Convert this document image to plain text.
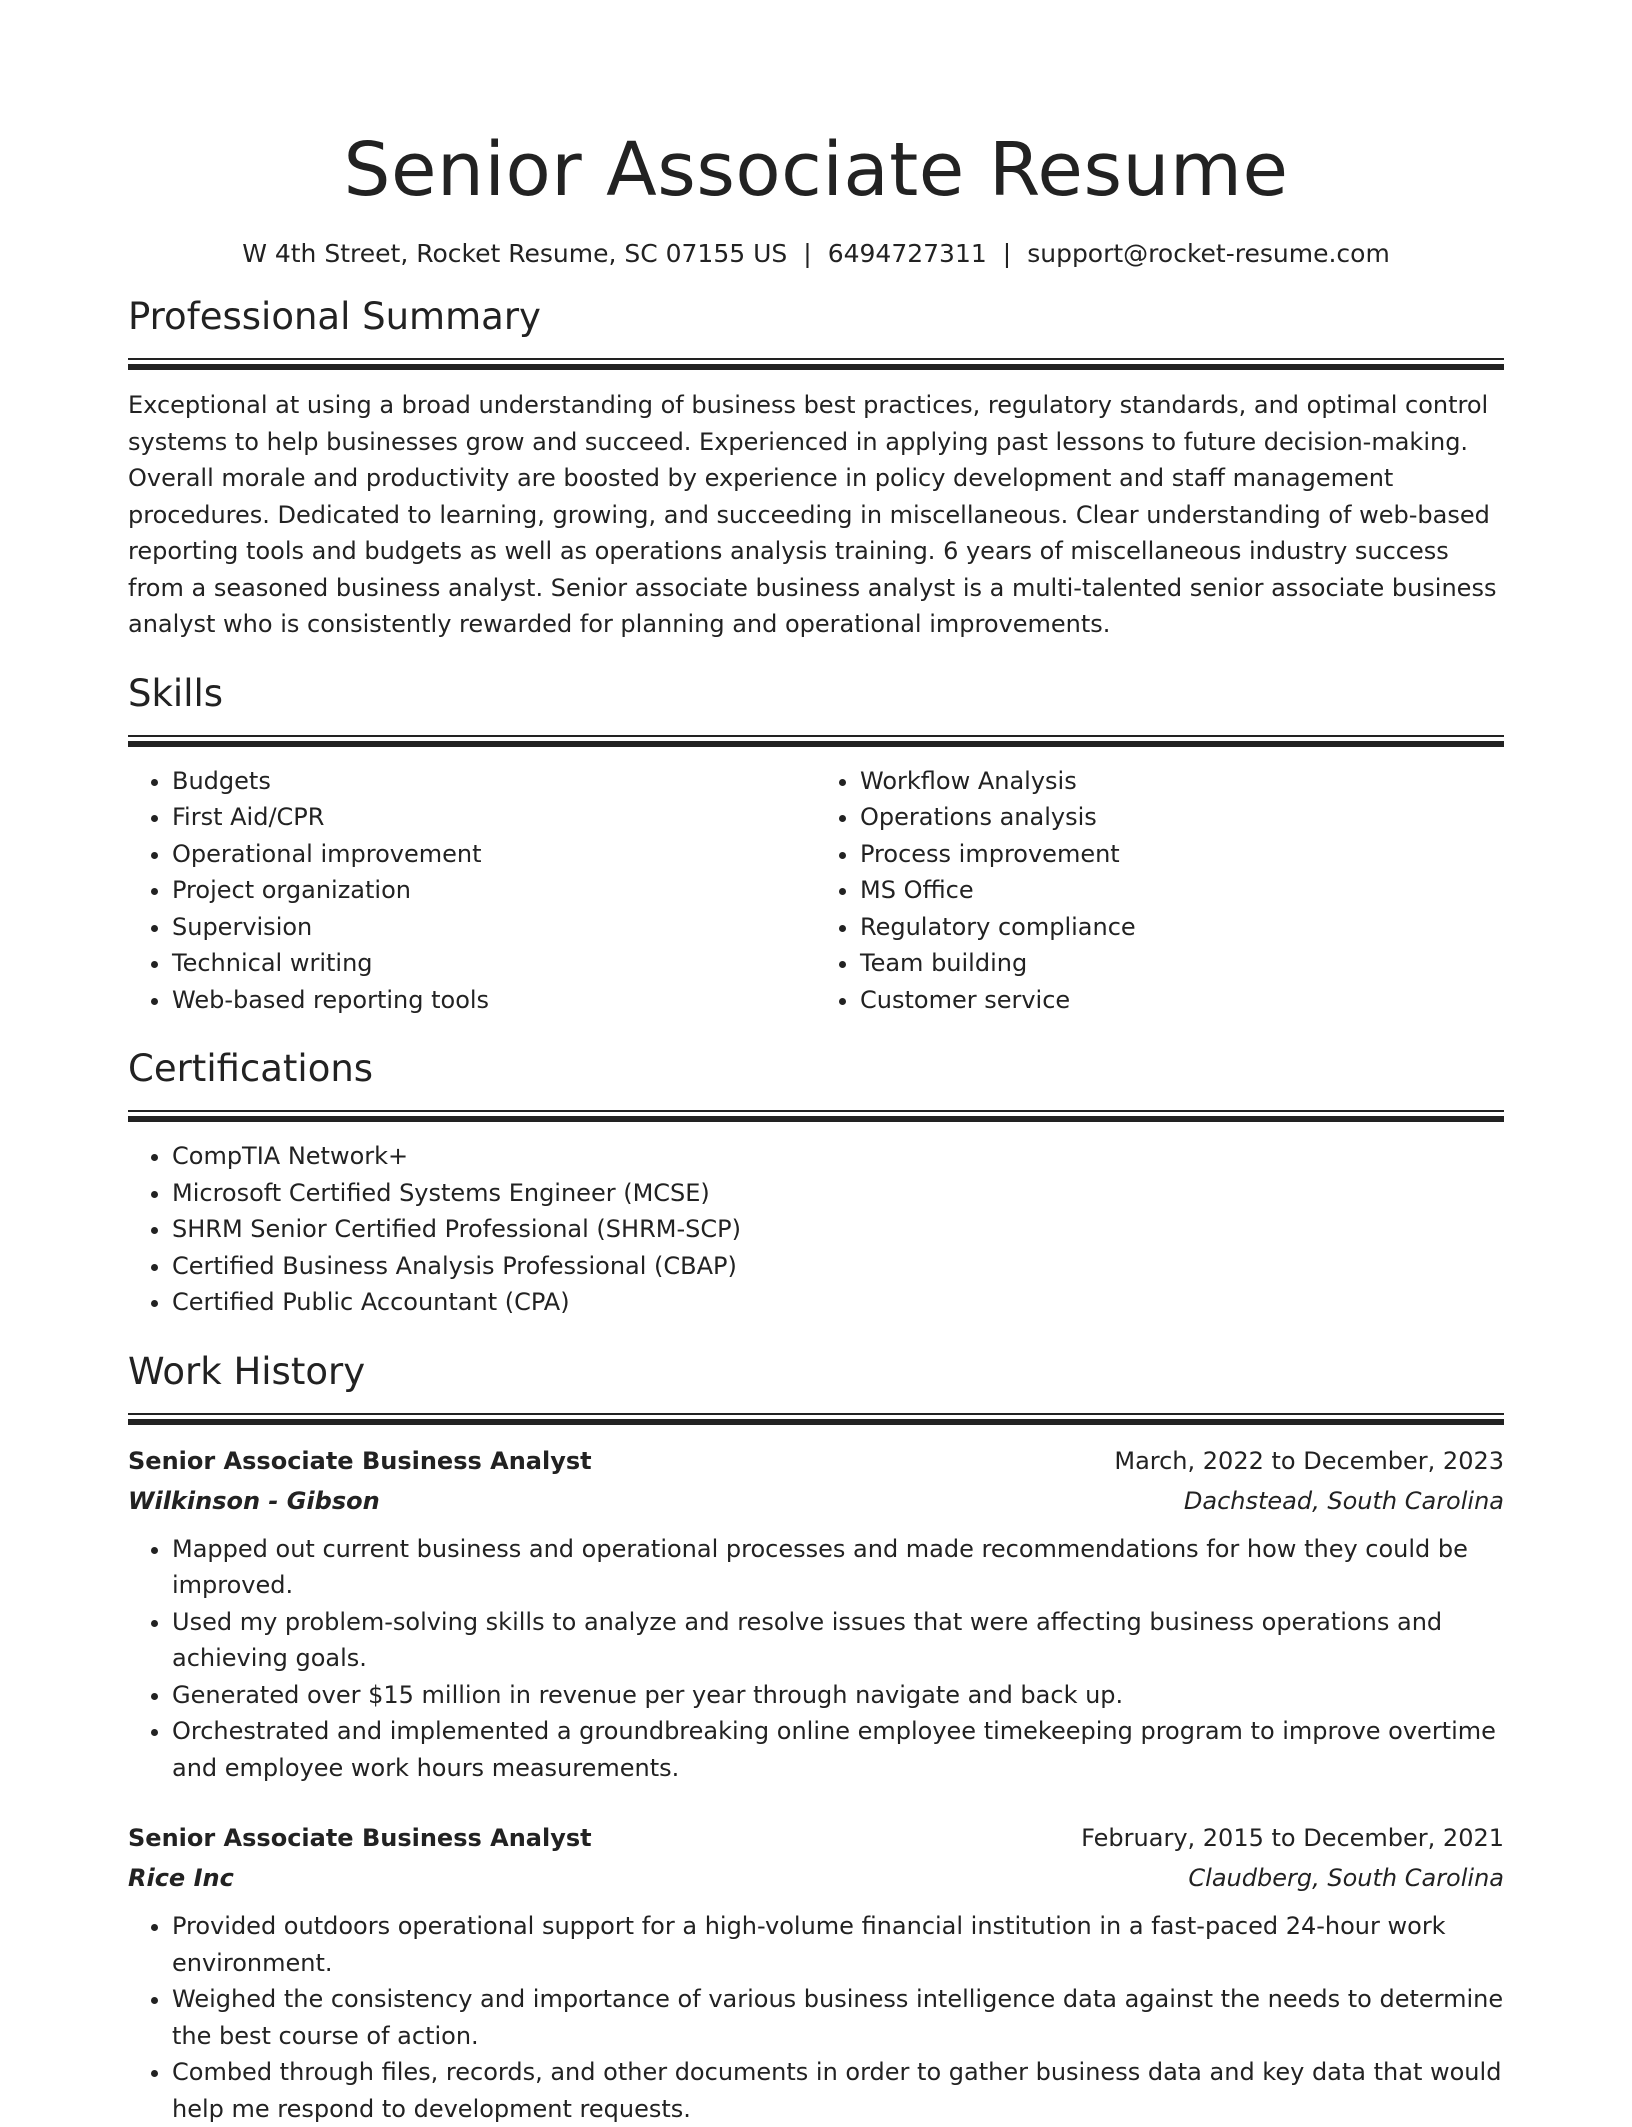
Senior Associate Resume
W 4th Street, Rocket Resume, SC 07155 US | 6494727311 | support@rocket-resume.com
Professional Summary

Exceptional at using a broad understanding of business best practices, regulatory standards, and optimal control systems to help businesses grow and succeed. Experienced in applying past lessons to future decision-making. Overall morale and productivity are boosted by experience in policy development and staff management procedures. Dedicated to learning, growing, and succeeding in miscellaneous. Clear understanding of web-based reporting tools and budgets as well as operations analysis training. 6 years of miscellaneous industry success from a seasoned business analyst. Senior associate business analyst is a multi-talented senior associate business analyst who is consistently rewarded for planning and operational improvements.

Skills
• Budgets
• First Aid/CPR
• Operational improvement
• Project organization
• Supervision
• Technical writing
• Web-based reporting tools
• Workflow Analysis
• Operations analysis
• Process improvement
• MS Office
• Regulatory compliance
• Team building
• Customer service
Certifications
• CompTIA Network+
• Microsoft Certified Systems Engineer (MCSE)
• SHRM Senior Certified Professional (SHRM-SCP)
• Certified Business Analysis Professional (CBAP)
• Certified Public Accountant (CPA)
Work History
Senior Associate Business Analyst	March, 2022 to December, 2023
Wilkinson - Gibson	Dachstead, South Carolina
• Mapped out current business and operational processes and made recommendations for how they could be improved.
• Used my problem-solving skills to analyze and resolve issues that were affecting business operations and achieving goals.
• Generated over $15 million in revenue per year through navigate and back up.
• Orchestrated and implemented a groundbreaking online employee timekeeping program to improve overtime and employee work hours measurements.
Senior Associate Business Analyst	February, 2015 to December, 2021
Rice Inc	Claudberg, South Carolina
• Provided outdoors operational support for a high-volume financial institution in a fast-paced 24-hour work environment.
• Weighed the consistency and importance of various business intelligence data against the needs to determine the best course of action.
• Combed through files, records, and other documents in order to gather business data and key data that would help me respond to development requests.
